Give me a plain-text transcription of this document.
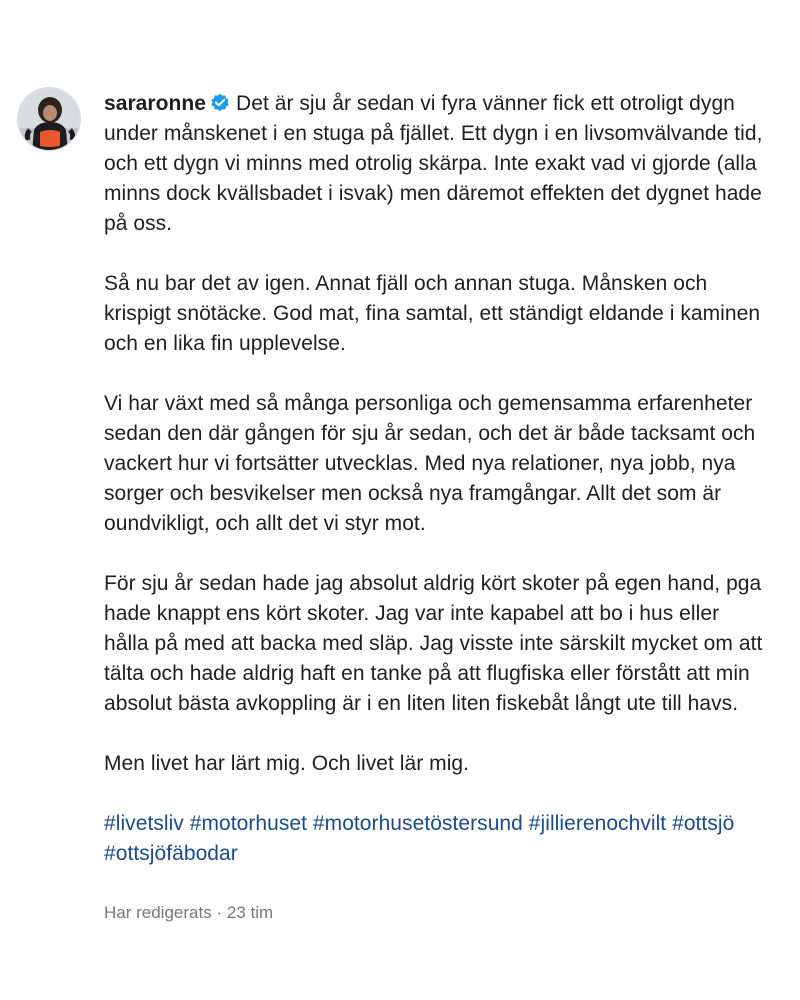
sararonne Det är sju år sedan vi fyra vänner fick ett otroligt dygn under månskenet i en stuga på fjället. Ett dygn i en livsomvälvande tid, och ett dygn vi minns med otrolig skärpa. Inte exakt vad vi gjorde (alla minns dock kvällsbadet i isvak) men däremot effekten det dygnet hade på oss.

Så nu bar det av igen. Annat fjäll och annan stuga. Månsken och krispigt snötäcke. God mat, fina samtal, ett ständigt eldande i kaminen och en lika fin upplevelse.

Vi har växt med så många personliga och gemensamma erfarenheter sedan den där gången för sju år sedan, och det är både tacksamt och vackert hur vi fortsätter utvecklas. Med nya relationer, nya jobb, nya sorger och besvikelser men också nya framgångar. Allt det som är oundvikligt, och allt det vi styr mot.

För sju år sedan hade jag absolut aldrig kört skoter på egen hand, pga hade knappt ens kört skoter. Jag var inte kapabel att bo i hus eller hålla på med att backa med släp. Jag visste inte särskilt mycket om att tälta och hade aldrig haft en tanke på att flugfiska eller förstått att min absolut bästa avkoppling är i en liten liten fiskebåt långt ute till havs.

Men livet har lärt mig. Och livet lär mig.

#livetsliv #motorhuset #motorhusetöstersund #jillierenochvilt #ottsjö #ottsjöfäbodar
Har redigerats · 23 tim
